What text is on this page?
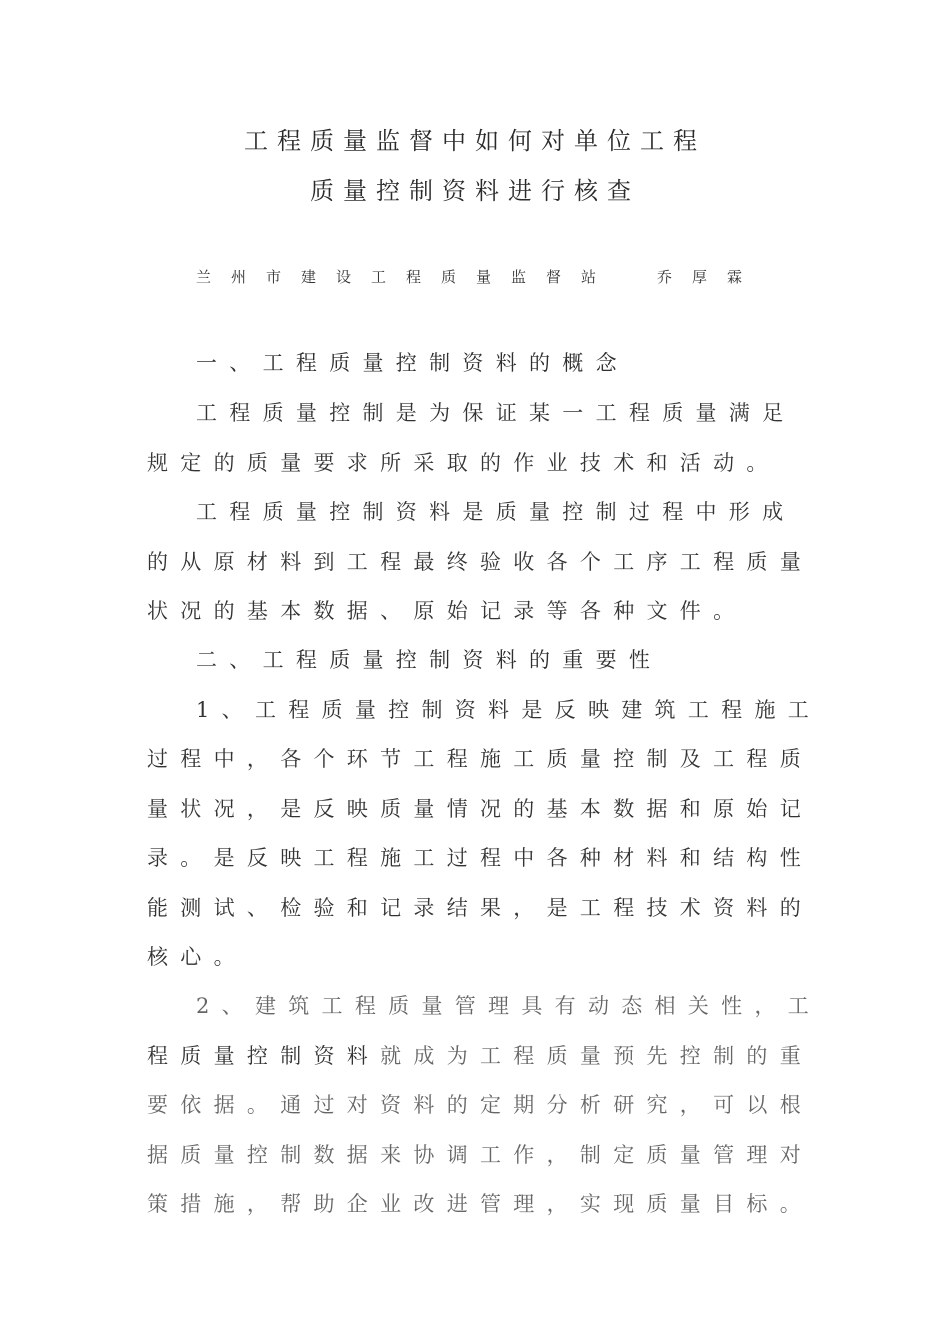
工程质量监督中如何对单位工程
质量控制资料进行核查
兰州市建设工程质量监督站	乔厚霖
一、工程质量控制资料的概念

工程质量控制是为保证某一工程质量满足

规定的质量要求所采取的作业技术和活动。

工程质量控制资料是质量控制过程中形成

的从原材料到工程最终验收各个工序工程质量

状况的基本数据、原始记录等各种文件。

二、工程质量控制资料的重要性

1、工程质量控制资料是反映建筑工程施工

过程中，各个环节工程施工质量控制及工程质

量状况，是反映质量情况的基本数据和原始记

录。是反映工程施工过程中各种材料和结构性

能测试、检验和记录结果，是工程技术资料的

核心。

2、建筑工程质量管理具有动态相关性，工

程质量控制资料就成为工程质量预先控制的重

要依据。通过对资料的定期分析研究，可以根

据质量控制数据来协调工作，制定质量管理对

策措施，帮助企业改进管理，实现质量目标。
